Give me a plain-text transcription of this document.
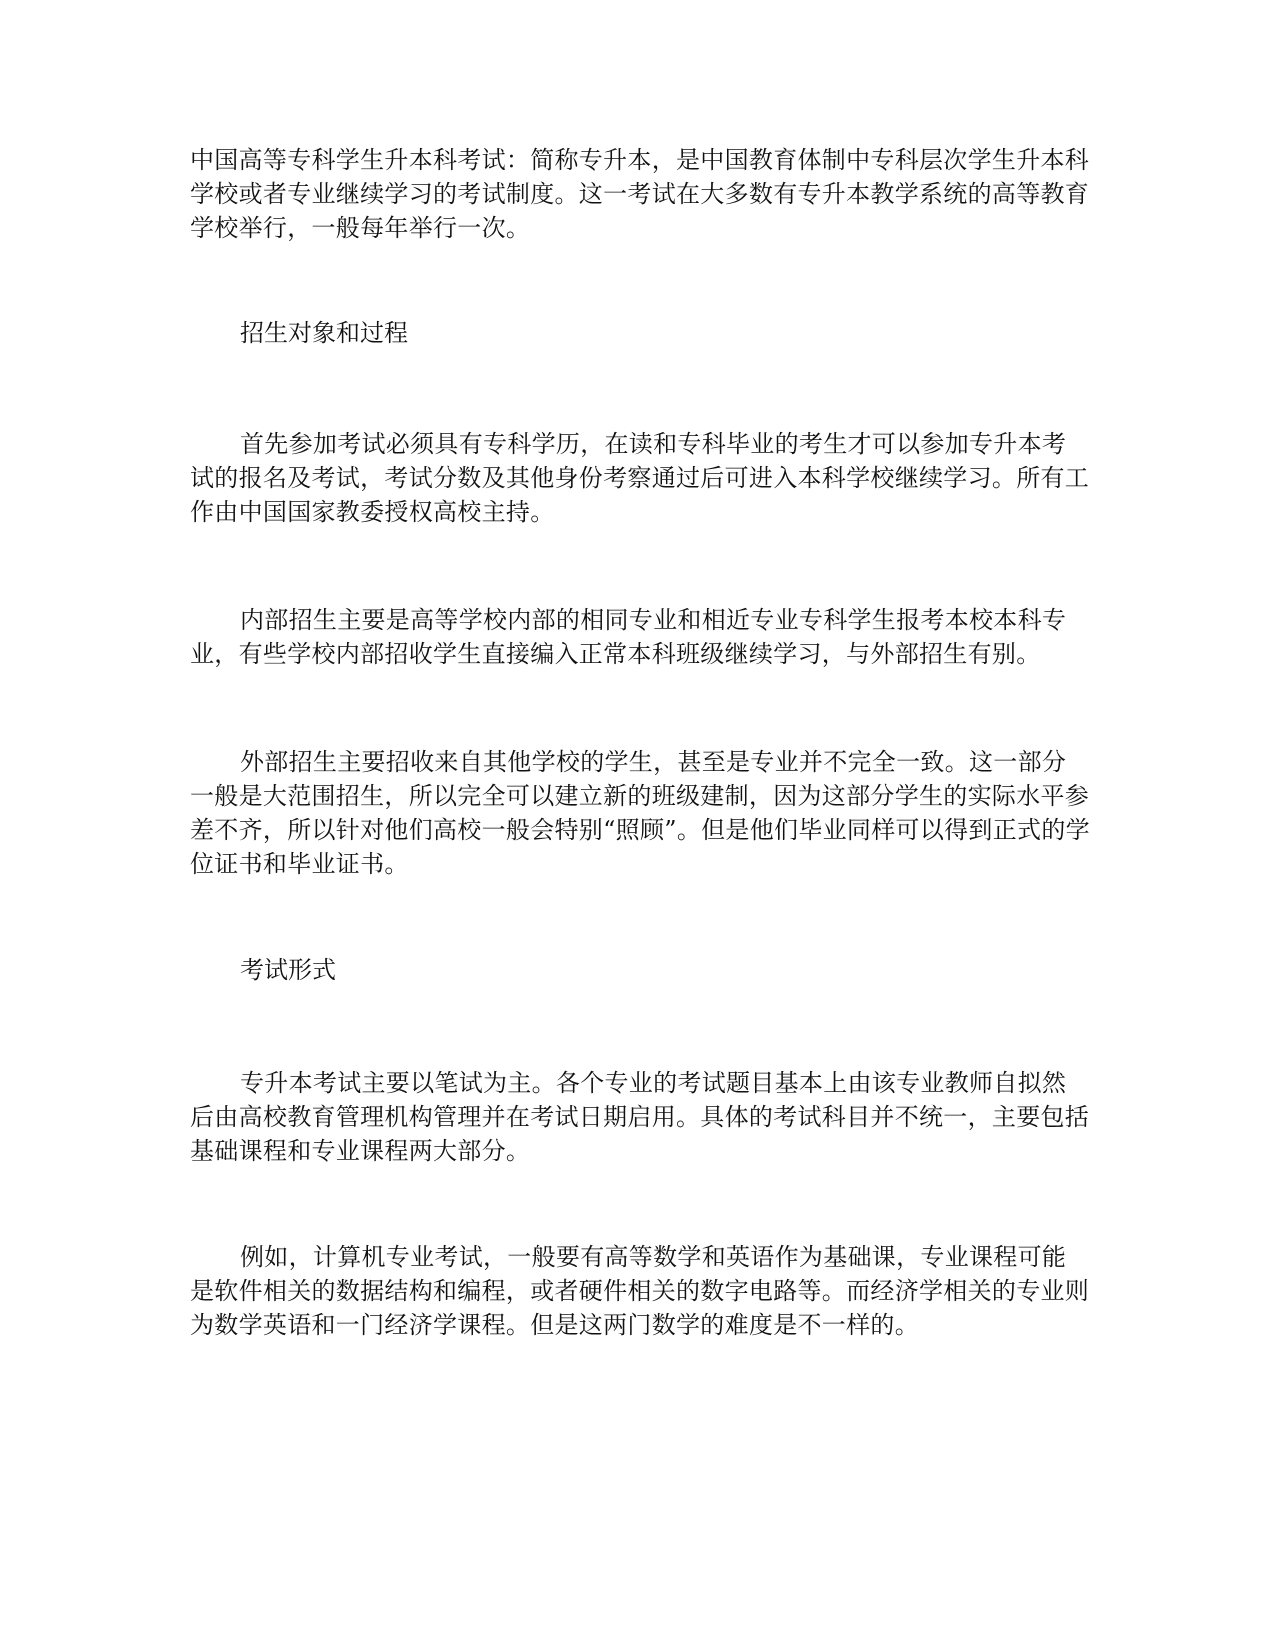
中国高等专科学生升本科考试：简称专升本，是中国教育体制中专科层次学生升本科学校或者专业继续学习的考试制度。这一考试在大多数有专升本教学系统的高等教育学校举行，一般每年举行一次。

招生对象和过程

首先参加考试必须具有专科学历，在读和专科毕业的考生才可以参加专升本考试的报名及考试，考试分数及其他身份考察通过后可进入本科学校继续学习。所有工作由中国国家教委授权高校主持。

内部招生主要是高等学校内部的相同专业和相近专业专科学生报考本校本科专业，有些学校内部招收学生直接编入正常本科班级继续学习，与外部招生有别。

外部招生主要招收来自其他学校的学生，甚至是专业并不完全一致。这一部分一般是大范围招生，所以完全可以建立新的班级建制，因为这部分学生的实际水平参差不齐，所以针对他们高校一般会特别“照顾”。但是他们毕业同样可以得到正式的学位证书和毕业证书。

考试形式

专升本考试主要以笔试为主。各个专业的考试题目基本上由该专业教师自拟然后由高校教育管理机构管理并在考试日期启用。具体的考试科目并不统一，主要包括基础课程和专业课程两大部分。

例如，计算机专业考试，一般要有高等数学和英语作为基础课，专业课程可能是软件相关的数据结构和编程，或者硬件相关的数字电路等。而经济学相关的专业则为数学英语和一门经济学课程。但是这两门数学的难度是不一样的。
